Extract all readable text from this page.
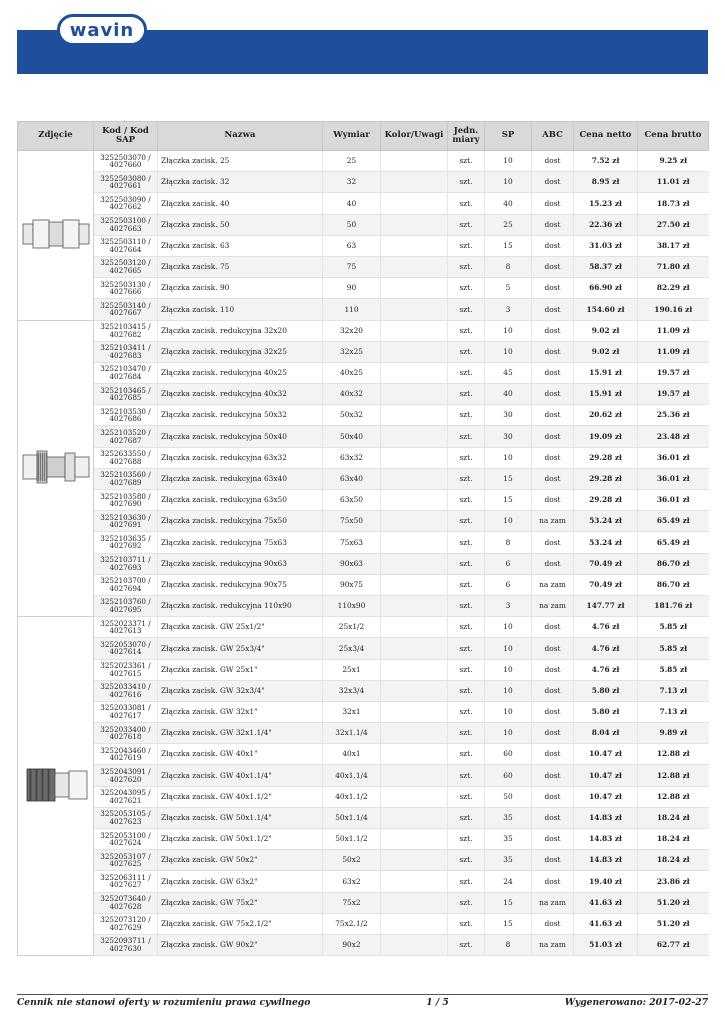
wavin
Zdjęcie	Kod / Kod SAP	Nazwa	Wymiar	Kolor/Uwagi	Jedn. miary	SP	ABC	Cena netto	Cena brutto
	3252503070 / 4027660	Złączka zacisk. 25	25		szt.	10	dost	7.52 zł	9.25 zł
	3252503080 / 4027661	Złączka zacisk. 32	32		szt.	10	dost	8.95 zł	11.01 zł
	3252503090 / 4027662	Złączka zacisk. 40	40		szt.	40	dost	15.23 zł	18.73 zł
	3252503100 / 4027663	Złączka zacisk. 50	50		szt.	25	dost	22.36 zł	27.50 zł
	3252503110 / 4027664	Złączka zacisk. 63	63		szt.	15	dost	31.03 zł	38.17 zł
	3252503120 / 4027665	Złączka zacisk. 75	75		szt.	8	dost	58.37 zł	71.80 zł
	3252503130 / 4027666	Złączka zacisk. 90	90		szt.	5	dost	66.90 zł	82.29 zł
	3252503140 / 4027667	Złączka zacisk. 110	110		szt.	3	dost	154.60 zł	190.16 zł
	3252103415 / 4027682	Złączka zacisk. redukcyjna 32x20	32x20		szt.	10	dost	9.02 zł	11.09 zł
	3252103411 / 4027683	Złączka zacisk. redukcyjna 32x25	32x25		szt.	10	dost	9.02 zł	11.09 zł
	3252103470 / 4027684	Złączka zacisk. redukcyjna 40x25	40x25		szt.	45	dost	15.91 zł	19.57 zł
	3252103465 / 4027685	Złączka zacisk. redukcyjna 40x32	40x32		szt.	40	dost	15.91 zł	19.57 zł
	3252103530 / 4027686	Złączka zacisk. redukcyjna 50x32	50x32		szt.	30	dost	20.62 zł	25.36 zł
	3252103520 / 4027687	Złączka zacisk. redukcyjna 50x40	50x40		szt.	30	dost	19.09 zł	23.48 zł
	3252633550 / 4027688	Złączka zacisk. redukcyjna 63x32	63x32		szt.	10	dost	29.28 zł	36.01 zł
	3252103560 / 4027689	Złączka zacisk. redukcyjna 63x40	63x40		szt.	15	dost	29.28 zł	36.01 zł
	3252103580 / 4027690	Złączka zacisk. redukcyjna 63x50	63x50		szt.	15	dost	29.28 zł	36.01 zł
	3252103630 / 4027691	Złączka zacisk. redukcyjna 75x50	75x50		szt.	10	na zam	53.24 zł	65.49 zł
	3252103635 / 4027692	Złączka zacisk. redukcyjna 75x63	75x63		szt.	8	dost	53.24 zł	65.49 zł
	3252103711 / 4027693	Złączka zacisk. redukcyjna 90x63	90x63		szt.	6	dost	70.49 zł	86.70 zł
	3252103700 / 4027694	Złączka zacisk. redukcyjna 90x75	90x75		szt.	6	na zam	70.49 zł	86.70 zł
	3252103760 / 4027695	Złączka zacisk. redukcyjna 110x90	110x90		szt.	3	na zam	147.77 zł	181.76 zł
	3252023371 / 4027613	Złączka zacisk. GW 25x1/2"	25x1/2		szt.	10	dost	4.76 zł	5.85 zł
	3252053070 / 4027614	Złączka zacisk. GW 25x3/4"	25x3/4		szt.	10	dost	4.76 zł	5.85 zł
	3252023361 / 4027615	Złączka zacisk. GW 25x1"	25x1		szt.	10	dost	4.76 zł	5.85 zł
	3252033410 / 4027616	Złączka zacisk. GW 32x3/4"	32x3/4		szt.	10	dost	5.80 zł	7.13 zł
	3252033081 / 4027617	Złączka zacisk. GW 32x1"	32x1		szt.	10	dost	5.80 zł	7.13 zł
	3252033400 / 4027618	Złączka zacisk. GW 32x1.1/4"	32x1.1/4		szt.	10	dost	8.04 zł	9.89 zł
	3252043460 / 4027619	Złączka zacisk. GW 40x1"	40x1		szt.	60	dost	10.47 zł	12.88 zł
	3252043091 / 4027620	Złączka zacisk. GW 40x1.1/4"	40x1.1/4		szt.	60	dost	10.47 zł	12.88 zł
	3252043095 / 4027621	Złączka zacisk. GW 40x1.1/2"	40x1.1/2		szt.	50	dost	10.47 zł	12.88 zł
	3252053105 / 4027623	Złączka zacisk. GW 50x1.1/4"	50x1.1/4		szt.	35	dost	14.83 zł	18.24 zł
	3252053100 / 4027624	Złączka zacisk. GW 50x1.1/2"	50x1.1/2		szt.	35	dost	14.83 zł	18.24 zł
	3252053107 / 4027625	Złączka zacisk. GW 50x2"	50x2		szt.	35	dost	14.83 zł	18.24 zł
	3252063111 / 4027627	Złączka zacisk. GW 63x2"	63x2		szt.	24	dost	19.40 zł	23.86 zł
	3252073640 / 4027628	Złączka zacisk. GW 75x2"	75x2		szt.	15	na zam	41.63 zł	51.20 zł
	3252073120 / 4027629	Złączka zacisk. GW 75x2.1/2"	75x2.1/2		szt.	15	dost	41.63 zł	51.20 zł
	3252093711 / 4027630	Złączka zacisk. GW 90x2"	90x2		szt.	8	na zam	51.03 zł	62.77 zł
Cennik nie stanowi oferty w rozumieniu prawa cywilnego	1 / 5	Wygenerowano: 2017-02-27
